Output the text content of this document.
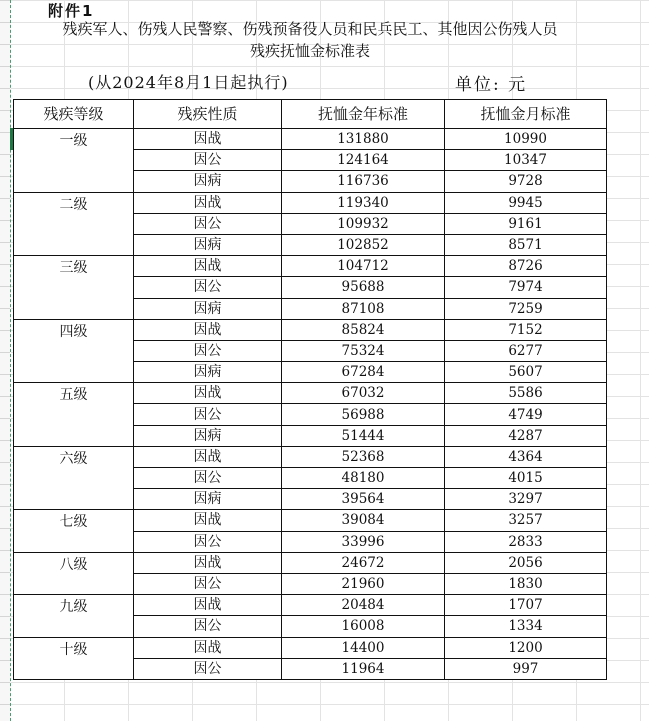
附件1
残疾军人、伤残人民警察、伤残预备役人员和民兵民工、其他因公伤残人员
残疾抚恤金标准表
(从2024年8月1日起执行)	单位: 元
残疾等级	残疾性质	抚恤金年标准	抚恤金月标准
一级	因战	131880	10990
	因公	124164	10347
	因病	116736	9728
二级	因战	119340	9945
	因公	109932	9161
	因病	102852	8571
三级	因战	104712	8726
	因公	95688	7974
	因病	87108	7259
四级	因战	85824	7152
	因公	75324	6277
	因病	67284	5607
五级	因战	67032	5586
	因公	56988	4749
	因病	51444	4287
六级	因战	52368	4364
	因公	48180	4015
	因病	39564	3297
七级	因战	39084	3257
	因公	33996	2833
八级	因战	24672	2056
	因公	21960	1830
九级	因战	20484	1707
	因公	16008	1334
十级	因战	14400	1200
	因公	11964	997
